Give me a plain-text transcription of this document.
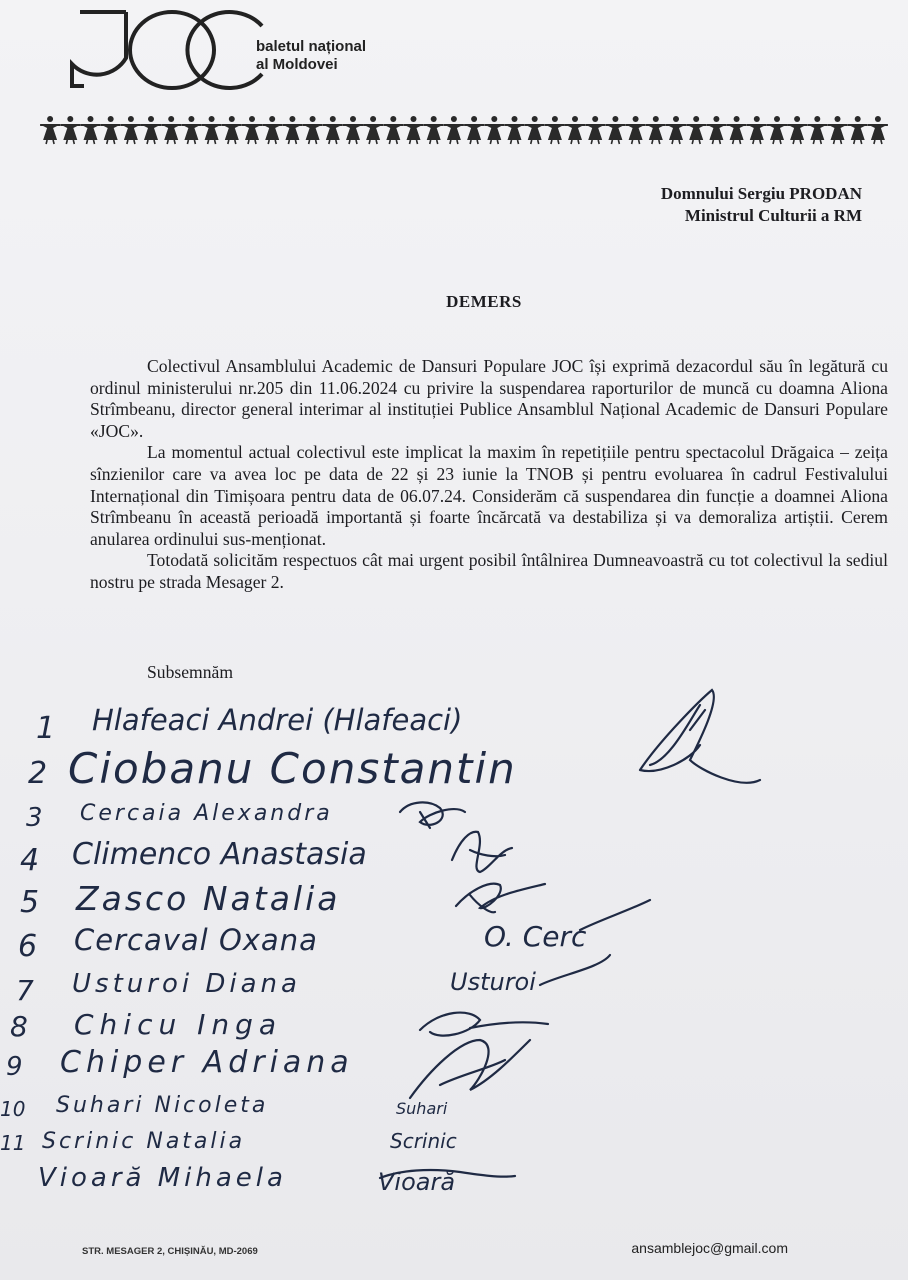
baletul național
al Moldovei
Domnului Sergiu PRODAN
Ministrul Culturii a RM
DEMERS

Colectivul Ansamblului Academic de Dansuri Populare JOC își exprimă dezacordul său în legătură cu ordinul ministerului nr.205 din 11.06.2024 cu privire la suspendarea raporturilor de muncă cu doamna Aliona Strîmbeanu, director general interimar al instituției Publice Ansamblul Național Academic de Dansuri Populare «JOC».

La momentul actual colectivul este implicat la maxim în repetițiile pentru spectacolul Drăgaica – zeița sînzienilor care va avea loc pe data de 22 și 23 iunie la TNOB și pentru evoluarea în cadrul Festivalului Internațional din Timișoara pentru data de 06.07.24. Considerăm că suspendarea din funcție a doamnei Aliona Strîmbeanu în această perioadă importantă și foarte încărcată va destabiliza și va demoraliza artiștii. Cerem anularea ordinului sus-menționat.

Totodată solicităm respectuos cât mai urgent posibil întâlnirea Dumneavoastră cu tot colectivul la sediul nostru pe strada Mesager 2.

Subsemnăm
1 Hlafeaci Andrei (Hlafeaci)
2 Ciobanu Constantin
3 Cercaia Alexandra
4 Climenco Anastasia
5 Zasco Natalia
6 Cercaval Oxana
7 Usturoi Diana
8 Chicu Inga
9 Chiper Adriana
10 Suhari Nicoleta
11 Scrinic Natalia
Vioară Mihaela
O. Cerc
Usturoi
Suhari
Scrinic
Vioară
STR. MESAGER 2, CHIȘINĂU, MD-2069	ansamblejoc@gmail.com
